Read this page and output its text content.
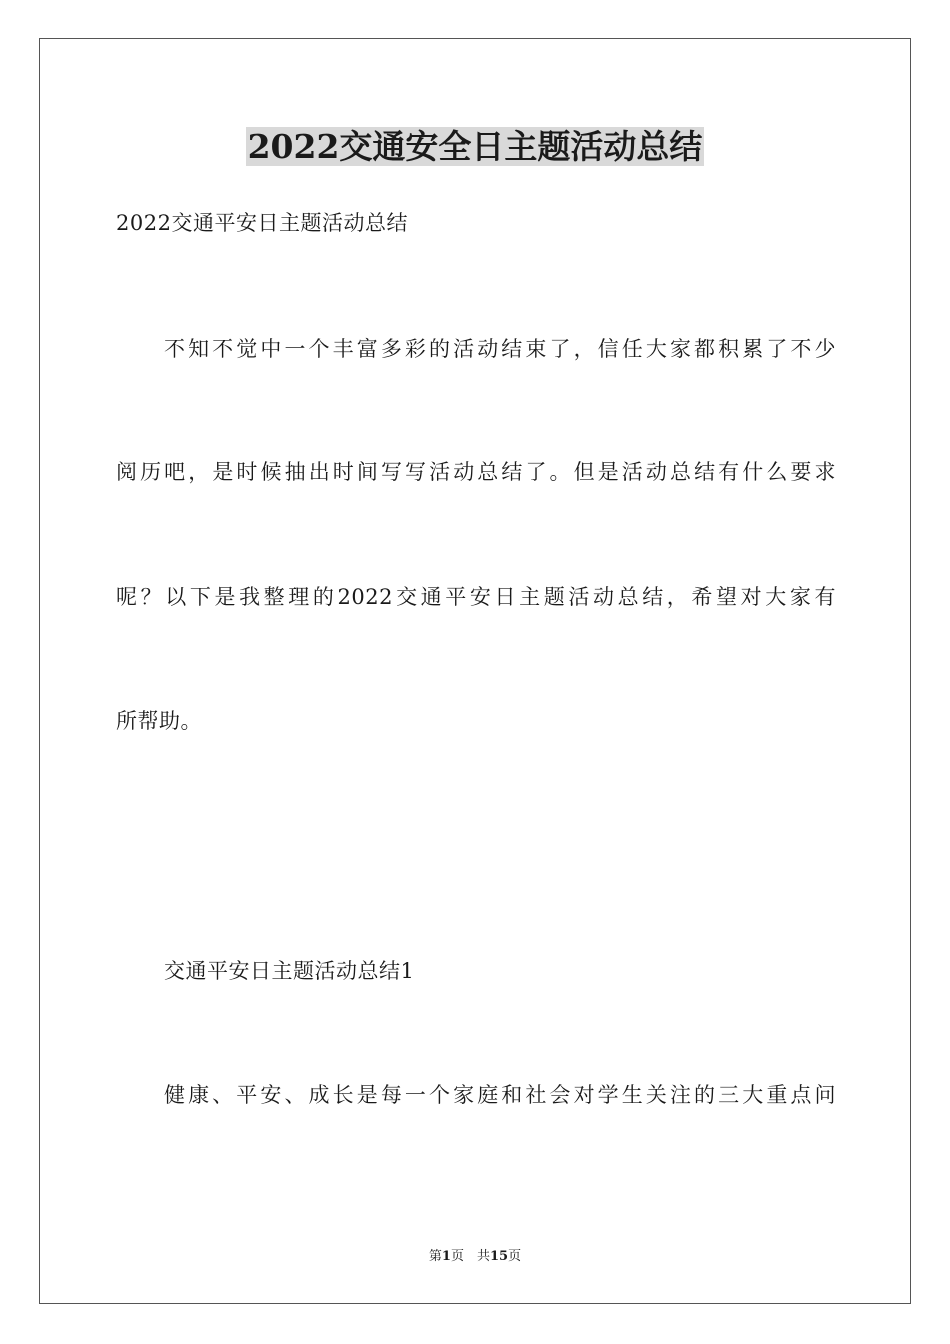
2022交通安全日主题活动总结

2022交通平安日主题活动总结

不知不觉中一个丰富多彩的活动结束了，信任大家都积累了不少

阅历吧，是时候抽出时间写写活动总结了。但是活动总结有什么要求

呢？以下是我整理的2022交通平安日主题活动总结，希望对大家有

所帮助。

交通平安日主题活动总结1

健康、平安、成长是每一个家庭和社会对学生关注的三大重点问

第1页　共15页
